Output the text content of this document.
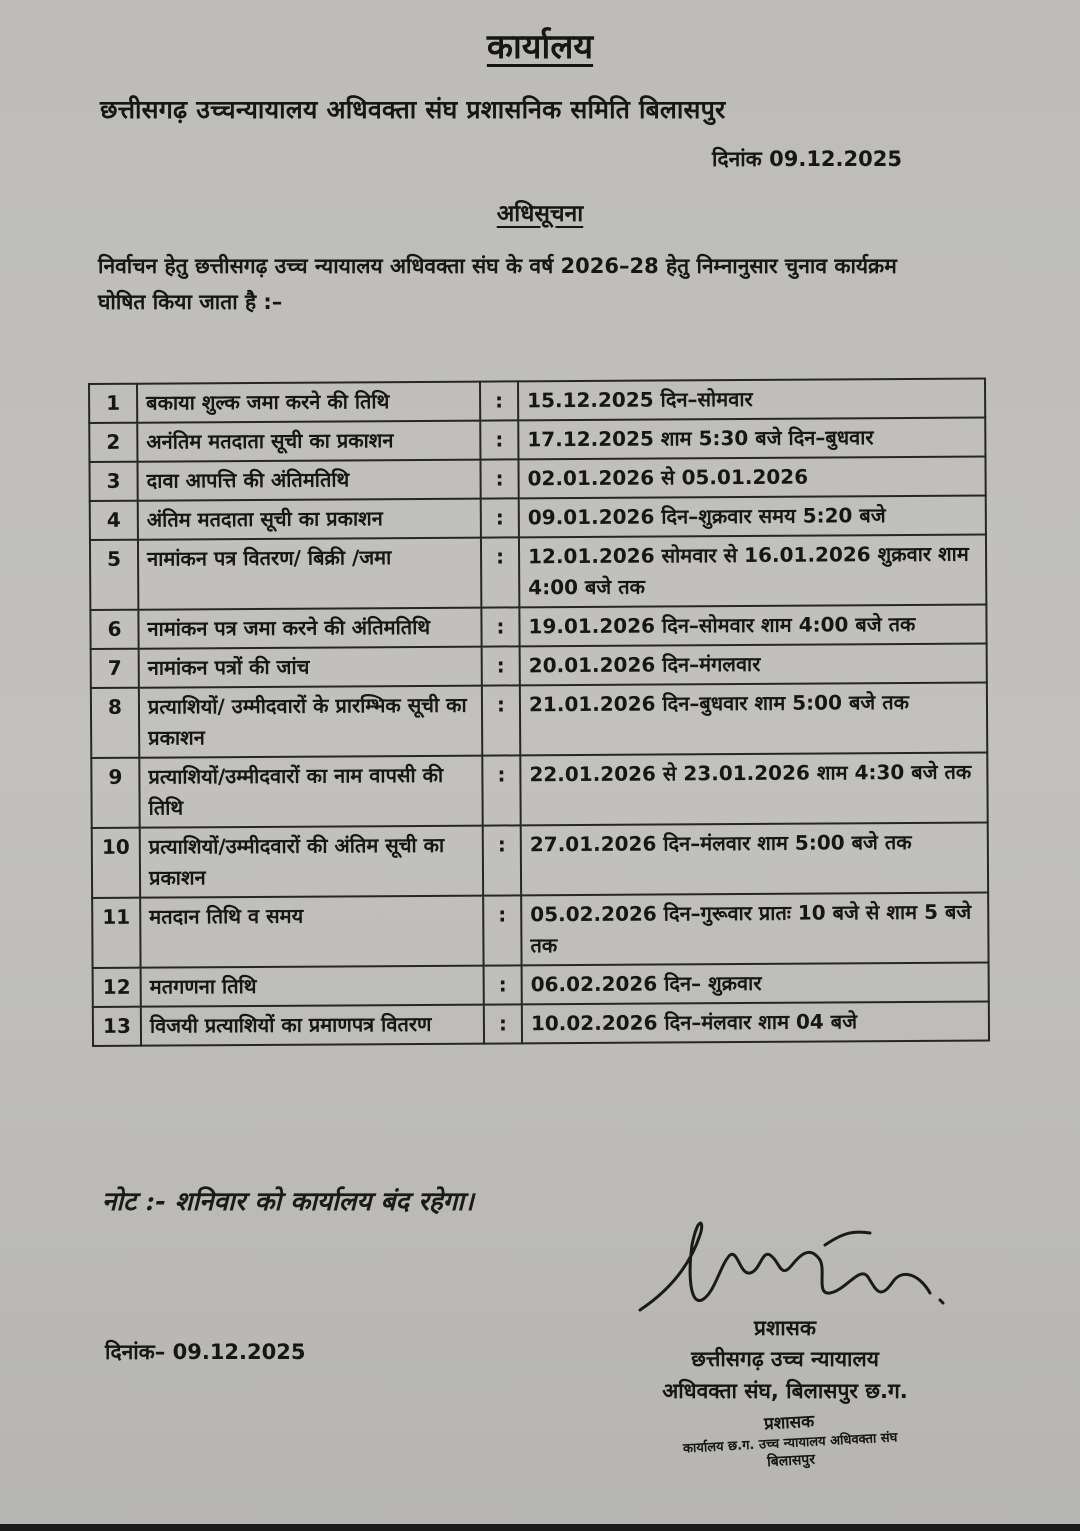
कार्यालय
छत्तीसगढ़ उच्चन्यायालय अधिवक्ता संघ प्रशासनिक समिति बिलासपुर
दिनांक 09.12.2025
अधिसूचना
निर्वाचन हेतु छत्तीसगढ़ उच्च न्यायालय अधिवक्ता संघ के वर्ष 2026–28 हेतु निम्नानुसार चुनाव कार्यक्रम घोषित किया जाता है :–
1	बकाया शुल्क जमा करने की तिथि	:	15.12.2025 दिन–सोमवार
2	अनंतिम मतदाता सूची का प्रकाशन	:	17.12.2025 शाम 5:30 बजे दिन–बुधवार
3	दावा आपत्ति की अंतिमतिथि	:	02.01.2026 से 05.01.2026
4	अंतिम मतदाता सूची का प्रकाशन	:	09.01.2026 दिन–शुक्रवार समय 5:20 बजे
5	नामांकन पत्र वितरण/ बिक्री /जमा	:	12.01.2026 सोमवार से 16.01.2026 शुक्रवार शाम 4:00 बजे तक
6	नामांकन पत्र जमा करने की अंतिमतिथि	:	19.01.2026 दिन–सोमवार शाम 4:00 बजे तक
7	नामांकन पत्रों की जांच	:	20.01.2026 दिन–मंगलवार
8	प्रत्याशियों/ उम्मीदवारों के प्रारम्भिक सूची का प्रकाशन	:	21.01.2026 दिन–बुधवार शाम 5:00 बजे तक
9	प्रत्याशियों/उम्मीदवारों का नाम वापसी की तिथि	:	22.01.2026 से 23.01.2026 शाम 4:30 बजे तक
10	प्रत्याशियों/उम्मीदवारों की अंतिम सूची का प्रकाशन	:	27.01.2026 दिन–मंलवार शाम 5:00 बजे तक
11	मतदान तिथि व समय	:	05.02.2026 दिन–गुरूवार प्रातः 10 बजे से शाम 5 बजे तक
12	मतगणना तिथि	:	06.02.2026 दिन– शुक्रवार
13	विजयी प्रत्याशियों का प्रमाणपत्र वितरण	:	10.02.2026 दिन–मंलवार शाम 04 बजे
नोट :- शनिवार को कार्यालय बंद रहेगा।
प्रशासक
छत्तीसगढ़ उच्च न्यायालय
अधिवक्ता संघ, बिलासपुर छ.ग.
दिनांक– 09.12.2025
प्रशासक
कार्यालय छ.ग. उच्च न्यायालय अधिवक्ता संघ
बिलासपुर
